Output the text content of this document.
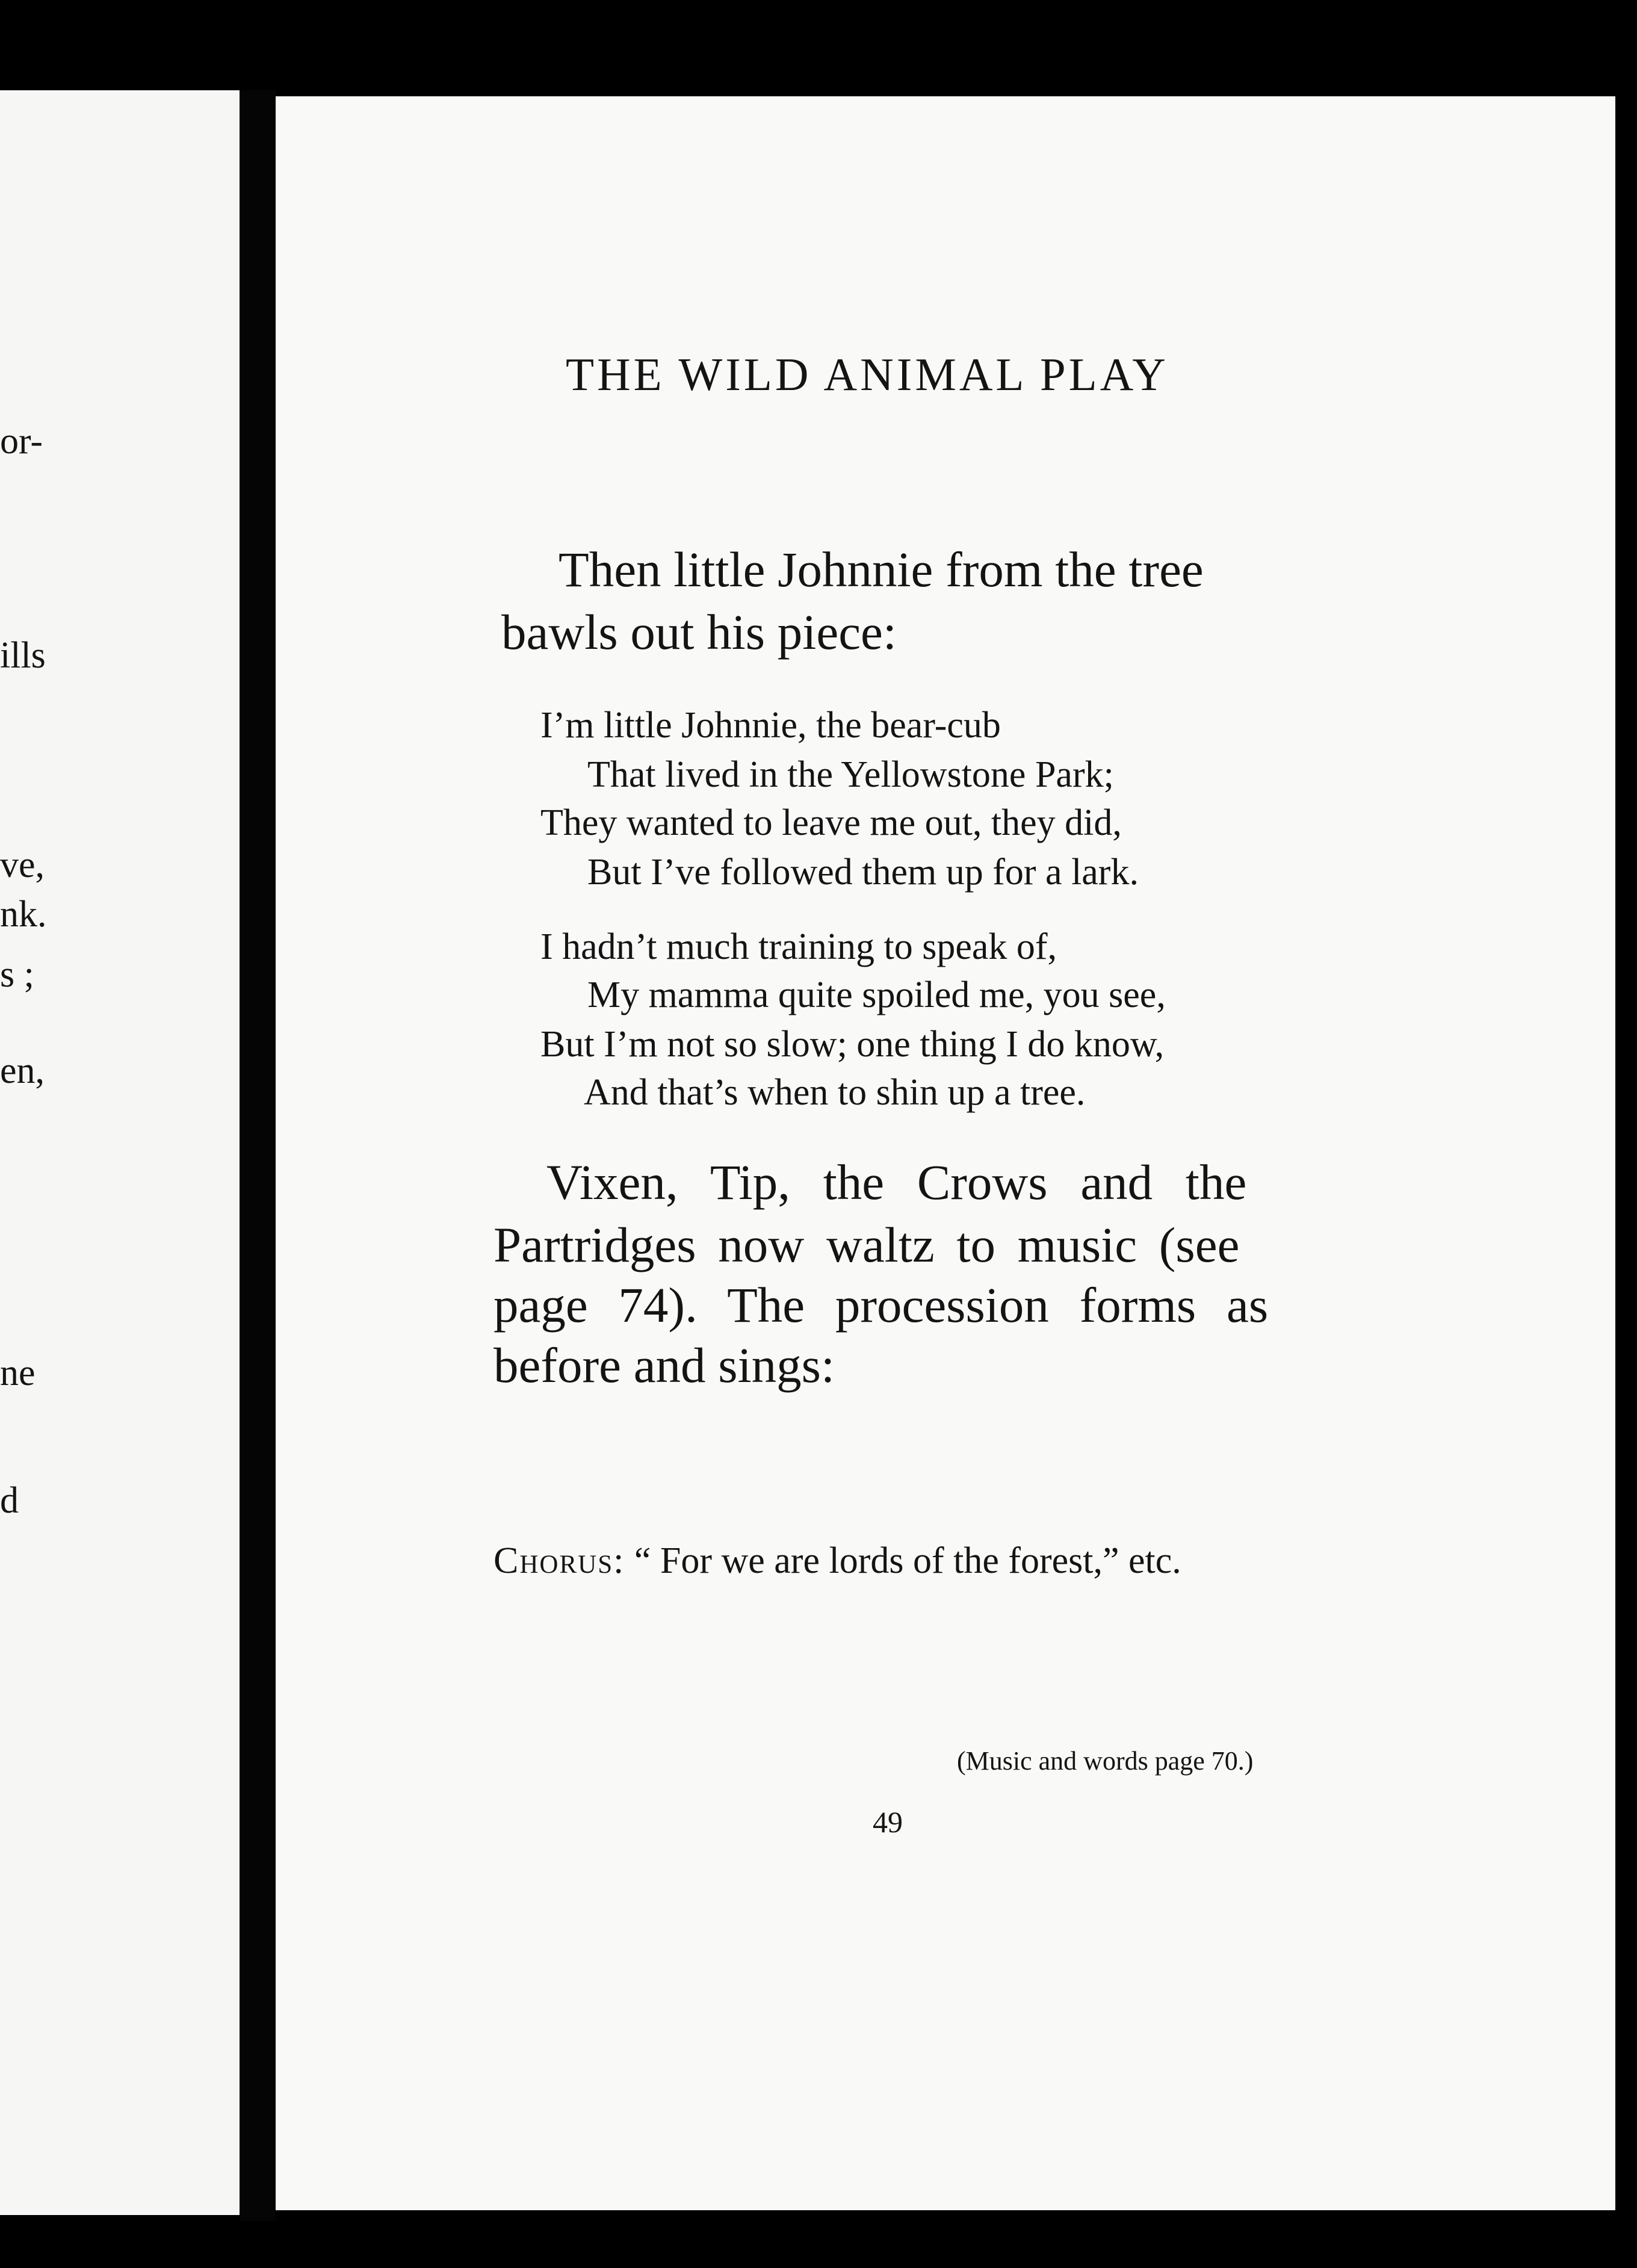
or-
ills
ve,
nk.
s ;
en,
ne
d
THE WILD ANIMAL PLAY
Then little Johnnie from the tree
bawls out his piece:
I’m little Johnnie, the bear-cub
That lived in the Yellowstone Park;
They wanted to leave me out, they did,
But I’ve followed them up for a lark.
I hadn’t much training to speak of,
My mamma quite spoiled me, you see,
But I’m not so slow; one thing I do know,
And that’s when to shin up a tree.
Vixen, Tip, the Crows and the
Partridges now waltz to music (see
page 74). The procession forms as
before and sings:
Chorus: “ For we are lords of the forest,” etc.
(Music and words page 70.)
49
